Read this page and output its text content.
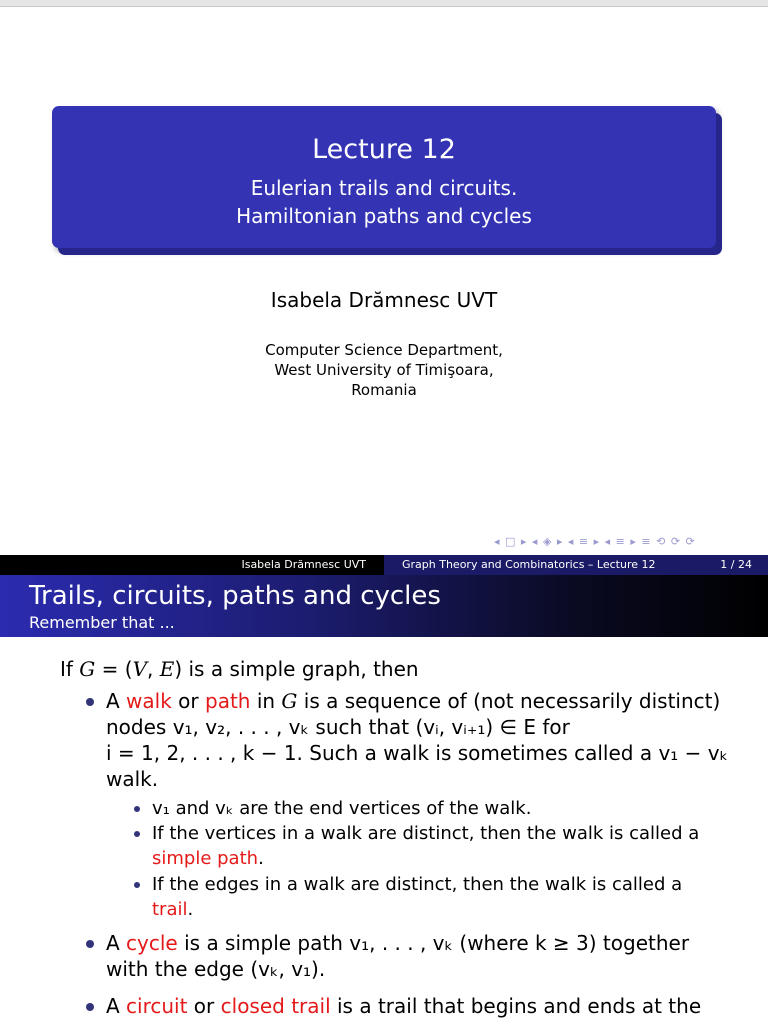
Lecture 12
Eulerian trails and circuits.
Hamiltonian paths and cycles
Isabela Drămnesc UVT
Computer Science Department,
West University of Timişoara,
Romania
◂ □ ▸ ◂ ◈ ▸ ◂ ≡ ▸ ◂ ≡ ▸ ≡ ⟲ ⟳ ⟳
Isabela Drămnesc UVT	Graph Theory and Combinatorics – Lecture 12	1 / 24
Trails, circuits, paths and cycles
Remember that ...
If G = (V, E) is a simple graph, then
A walk or path in G is a sequence of (not necessarily distinct)
nodes v₁, v₂, . . . , vₖ such that (vᵢ, vᵢ₊₁) ∈ E for
i = 1, 2, . . . , k − 1. Such a walk is sometimes called a v₁ − vₖ
walk.
v₁ and vₖ are the end vertices of the walk.
If the vertices in a walk are distinct, then the walk is called a
simple path.
If the edges in a walk are distinct, then the walk is called a
trail.
A cycle is a simple path v₁, . . . , vₖ (where k ≥ 3) together
with the edge (vₖ, v₁).
A circuit or closed trail is a trail that begins and ends at the
